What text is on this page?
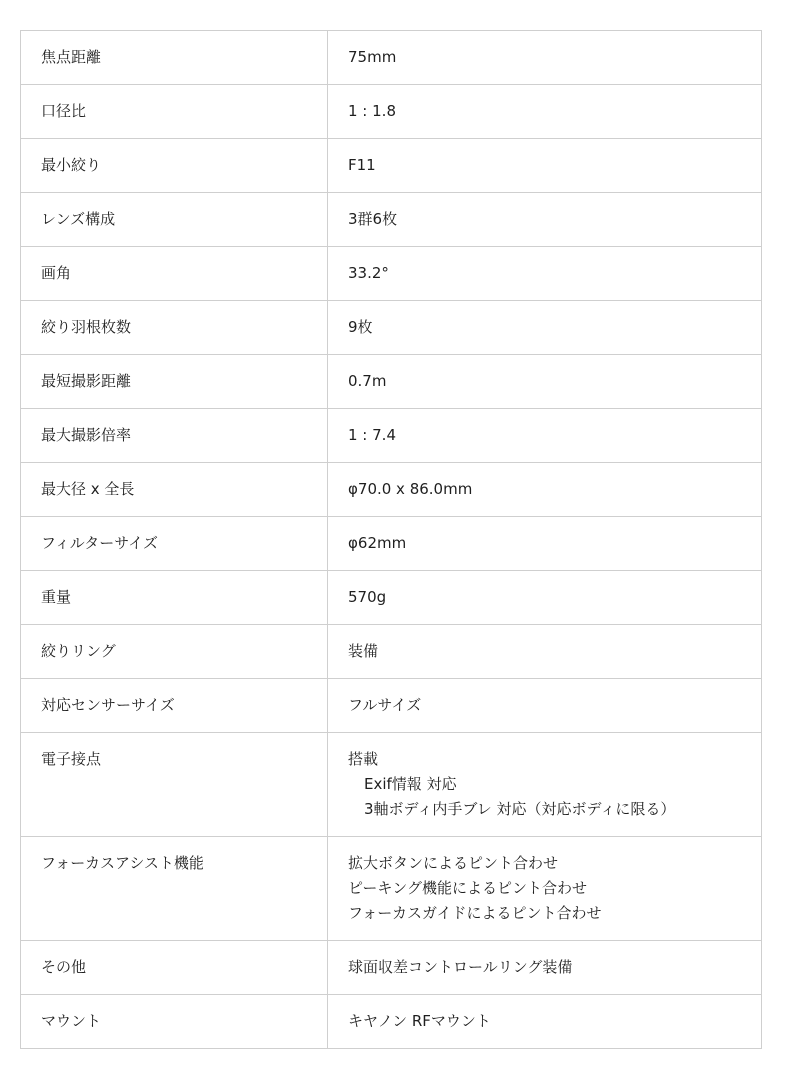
焦点距離	75mm
口径比	1 : 1.8
最小絞り	F11
レンズ構成	3群6枚
画角	33.2°
絞り羽根枚数	9枚
最短撮影距離	0.7m
最大撮影倍率	1 : 7.4
最大径 x 全長	φ70.0 x 86.0mm
フィルターサイズ	φ62mm
重量	570g
絞りリング	装備
対応センサーサイズ	フルサイズ
電子接点	搭載
Exif情報 対応
3軸ボディ内手ブレ 対応（対応ボディに限る）

フォーカスアシスト機能	拡大ボタンによるピント合わせ
ピーキング機能によるピント合わせ
フォーカスガイドによるピント合わせ

その他	球面収差コントロールリング装備
マウント	キヤノン RFマウント
